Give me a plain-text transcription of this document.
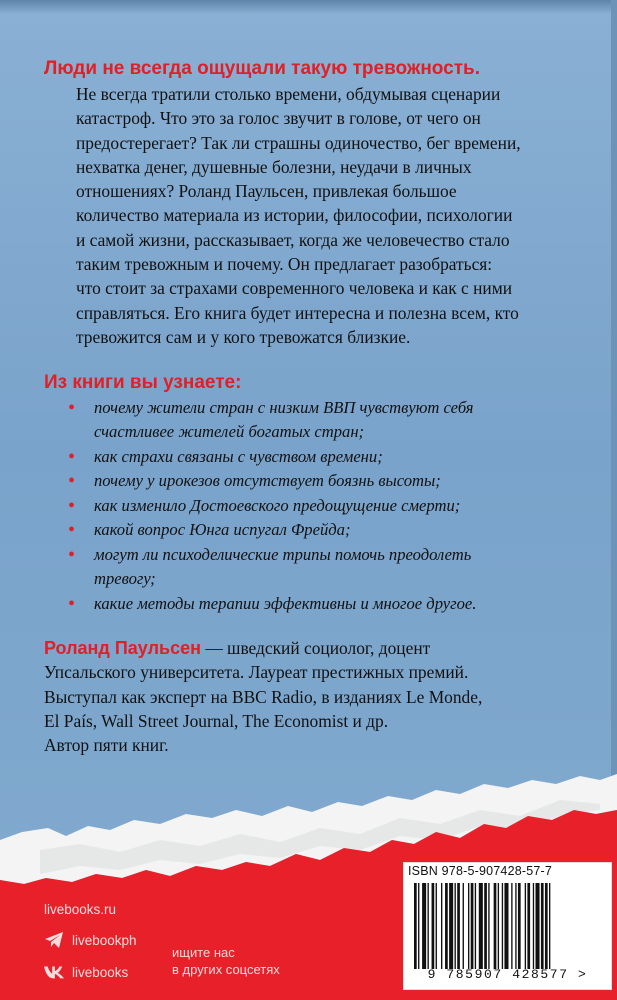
Люди не всегда ощущали такую тревожность.
Не всегда тратили столько времени, обдумывая сценарии
катастроф. Что это за голос звучит в голове, от чего он
предостерегает? Так ли страшны одиночество, бег времени,
нехватка денег, душевные болезни, неудачи в личных
отношениях? Роланд Паульсен, привлекая большое
количество материала из истории, философии, психологии
и самой жизни, рассказывает, когда же человечество стало
таким тревожным и почему. Он предлагает разобраться:
что стоит за страхами современного человека и как с ними
справляться. Его книга будет интересна и полезна всем, кто
тревожится сам и у кого тревожатся близкие.
Из книги вы узнаете:
• почему жители стран с низким ВВП чувствуют себя
счастливее жителей богатых стран;
• как страхи связаны с чувством времени;
• почему у ирокезов отсутствует боязнь высоты;
• как изменило Достоевского предощущение смерти;
• какой вопрос Юнга испугал Фрейда;
• могут ли психоделические трипы помочь преодолеть
тревогу;
• какие методы терапии эффективны и многое другое.
Роланд Паульсен — шведский социолог, доцент
Упсальского университета. Лауреат престижных премий.
Выступал как эксперт на BBC Radio, в изданиях Le Monde,
El País, Wall Street Journal, The Economist и др.
Автор пяти книг.
livebooks.ru
livebookph
livebooks
ищите нас
в других соцсетях
ISBN 978-5-907428-57-7
9 785907 428577 >
